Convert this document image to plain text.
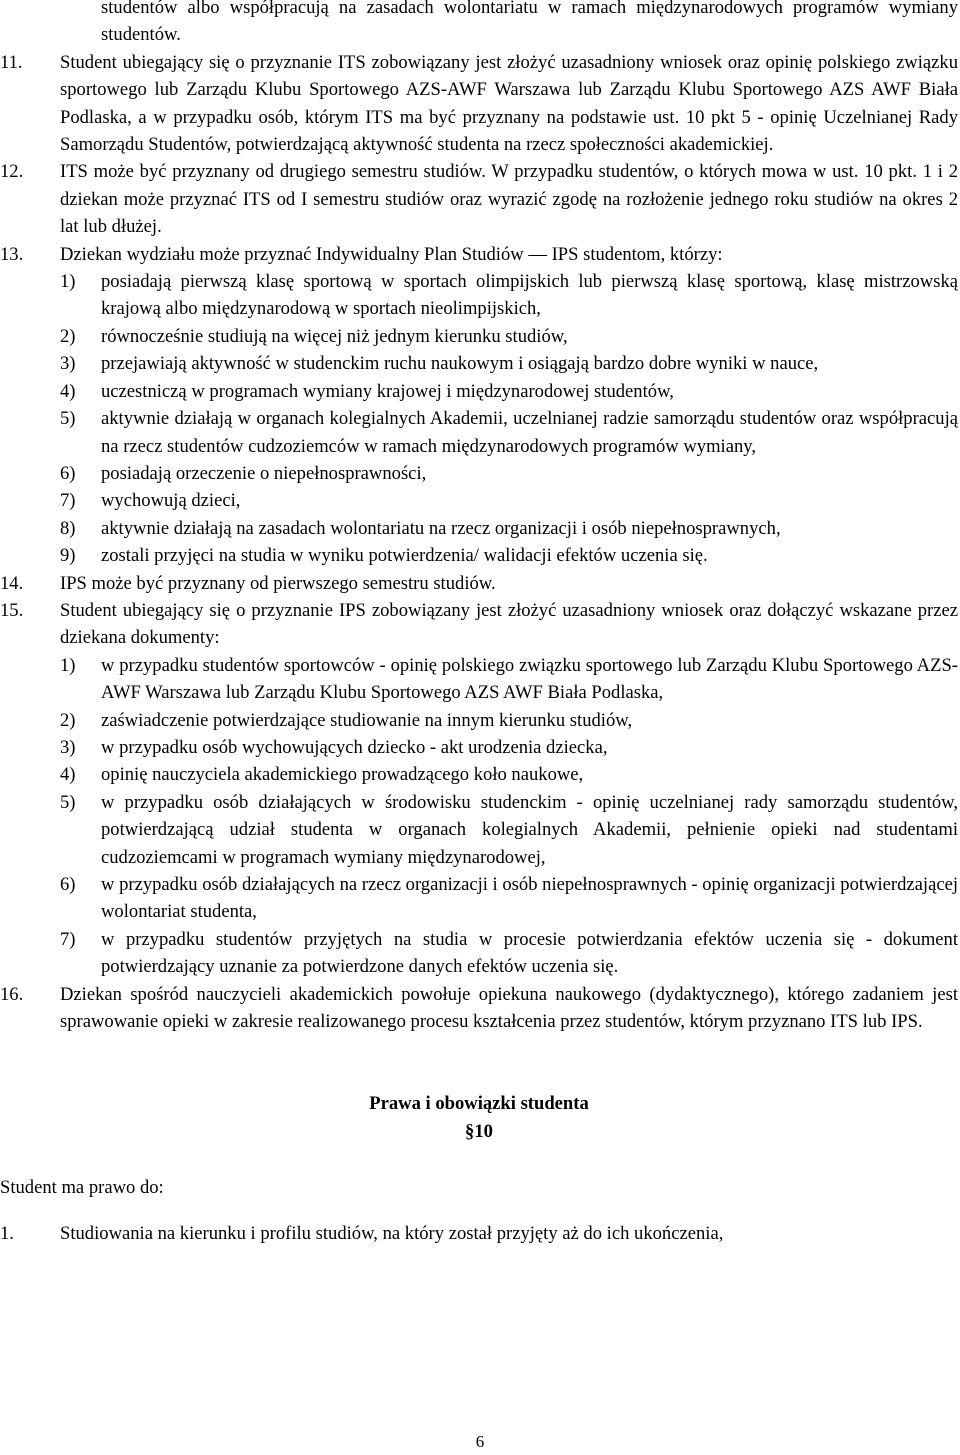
studentów albo współpracują na zasadach wolontariatu w ramach międzynarodowych programów wymiany studentów.

11. Student ubiegający się o przyznanie ITS zobowiązany jest złożyć uzasadniony wniosek oraz opinię polskiego związku sportowego lub Zarządu Klubu Sportowego AZS-AWF Warszawa lub Zarządu Klubu Sportowego AZS AWF Biała Podlaska, a w przypadku osób, którym ITS ma być przyznany na podstawie ust. 10 pkt 5 - opinię Uczelnianej Rady Samorządu Studentów, potwierdzającą aktywność studenta na rzecz społeczności akademickiej.
12. ITS może być przyznany od drugiego semestru studiów. W przypadku studentów, o których mowa w ust. 10 pkt. 1 i 2 dziekan może przyznać ITS od I semestru studiów oraz wyrazić zgodę na rozłożenie jednego roku studiów na okres 2 lat lub dłużej.
13. Dziekan wydziału może przyznać Indywidualny Plan Studiów ― IPS studentom, którzy:
1) posiadają pierwszą klasę sportową w sportach olimpijskich lub pierwszą klasę sportową, klasę mistrzowską krajową albo międzynarodową w sportach nieolimpijskich,
2) równocześnie studiują na więcej niż jednym kierunku studiów,
3) przejawiają aktywność w studenckim ruchu naukowym i osiągają bardzo dobre wyniki w nauce,
4) uczestniczą w programach wymiany krajowej i międzynarodowej studentów,
5) aktywnie działają w organach kolegialnych Akademii, uczelnianej radzie samorządu studentów oraz współpracują na rzecz studentów cudzoziemców w ramach międzynarodowych programów wymiany,
6) posiadają orzeczenie o niepełnosprawności,
7) wychowują dzieci,
8) aktywnie działają na zasadach wolontariatu na rzecz organizacji i osób niepełnosprawnych,
9) zostali przyjęci na studia w wyniku potwierdzenia/ walidacji efektów uczenia się.
14. IPS może być przyznany od pierwszego semestru studiów.
15. Student ubiegający się o przyznanie IPS zobowiązany jest złożyć uzasadniony wniosek oraz dołączyć wskazane przez dziekana dokumenty:
1) w przypadku studentów sportowców - opinię polskiego związku sportowego lub Zarządu Klubu Sportowego AZS-AWF Warszawa lub Zarządu Klubu Sportowego AZS AWF Biała Podlaska,
2) zaświadczenie potwierdzające studiowanie na innym kierunku studiów,
3) w przypadku osób wychowujących dziecko - akt urodzenia dziecka,
4) opinię nauczyciela akademickiego prowadzącego koło naukowe,
5) w przypadku osób działających w środowisku studenckim - opinię uczelnianej rady samorządu studentów, potwierdzającą udział studenta w organach kolegialnych Akademii, pełnienie opieki nad studentami cudzoziemcami w programach wymiany międzynarodowej,
6) w przypadku osób działających na rzecz organizacji i osób niepełnosprawnych - opinię organizacji potwierdzającej wolontariat studenta,
7) w przypadku studentów przyjętych na studia w procesie potwierdzania efektów uczenia się - dokument potwierdzający uznanie za potwierdzone danych efektów uczenia się.
16. Dziekan spośród nauczycieli akademickich powołuje opiekuna naukowego (dydaktycznego), którego zadaniem jest sprawowanie opieki w zakresie realizowanego procesu kształcenia przez studentów, którym przyznano ITS lub IPS.

Prawa i obowiązki studenta

§10

Student ma prawo do:

1. Studiowania na kierunku i profilu studiów, na który został przyjęty aż do ich ukończenia,
6
